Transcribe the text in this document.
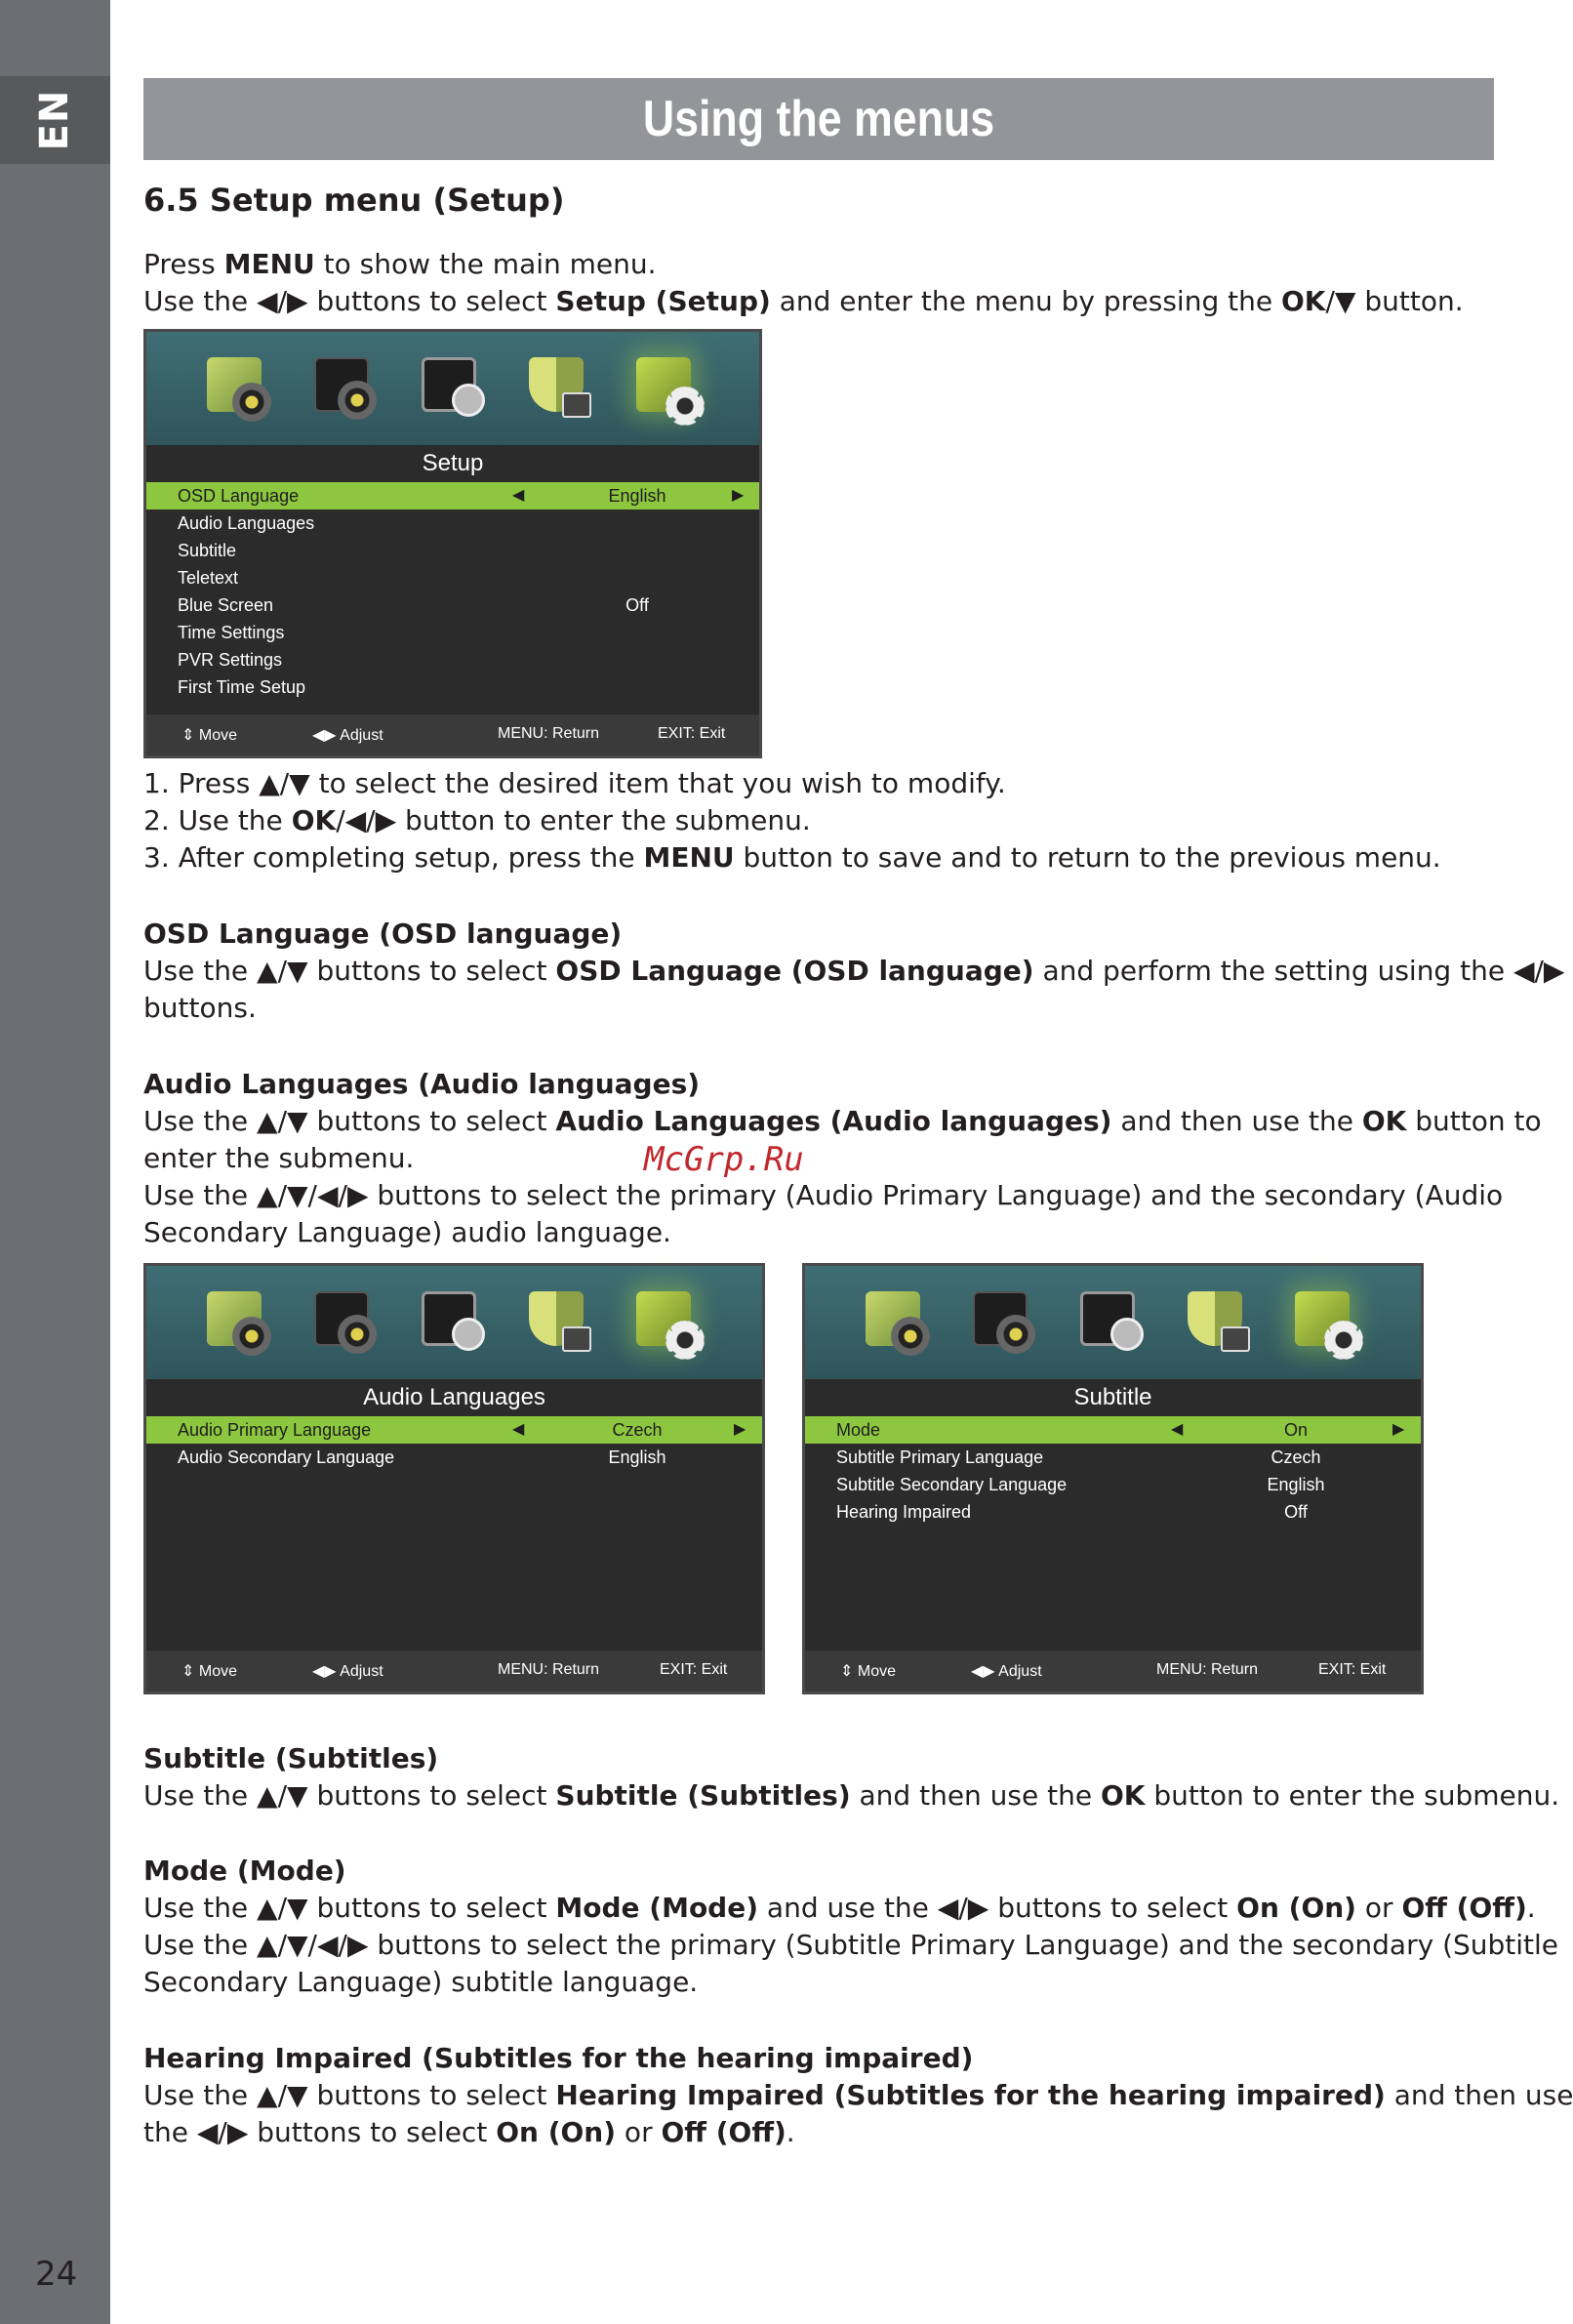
EN
24
Using the menus
6.5 Setup menu (Setup)
Press MENU to show the main menu.
Use the ◀/▶ buttons to select Setup (Setup) and enter the menu by pressing the OK/▼ button.
Setup
OSD Language	◀	English	▶
Audio Languages
Subtitle
Teletext
Blue Screen	Off
Time Settings
PVR Settings
First Time Setup
⇕ Move	◀▶ Adjust	MENU: Return	EXIT: Exit
1. Press ▲/▼ to select the desired item that you wish to modify.
2. Use the OK/◀/▶ button to enter the submenu.
3. After completing setup, press the MENU button to save and to return to the previous menu.
OSD Language (OSD language)
Use the ▲/▼ buttons to select OSD Language (OSD language) and perform the setting using the ◀/▶
buttons.
Audio Languages (Audio languages)
Use the ▲/▼ buttons to select Audio Languages (Audio languages) and then use the OK button to
enter the submenu.
Use the ▲/▼/◀/▶ buttons to select the primary (Audio Primary Language) and the secondary (Audio
Secondary Language) audio language.
McGrp.Ru
Audio Languages
Audio Primary Language	◀	Czech	▶
Audio Secondary Language	English
⇕ Move	◀▶ Adjust	MENU: Return	EXIT: Exit
Subtitle
Mode	◀	On	▶
Subtitle Primary Language	Czech
Subtitle Secondary Language	English
Hearing Impaired	Off
⇕ Move	◀▶ Adjust	MENU: Return	EXIT: Exit
Subtitle (Subtitles)
Use the ▲/▼ buttons to select Subtitle (Subtitles) and then use the OK button to enter the submenu.
Mode (Mode)
Use the ▲/▼ buttons to select Mode (Mode) and use the ◀/▶ buttons to select On (On) or Off (Off).
Use the ▲/▼/◀/▶ buttons to select the primary (Subtitle Primary Language) and the secondary (Subtitle
Secondary Language) subtitle language.
Hearing Impaired (Subtitles for the hearing impaired)
Use the ▲/▼ buttons to select Hearing Impaired (Subtitles for the hearing impaired) and then use
the ◀/▶ buttons to select On (On) or Off (Off).
